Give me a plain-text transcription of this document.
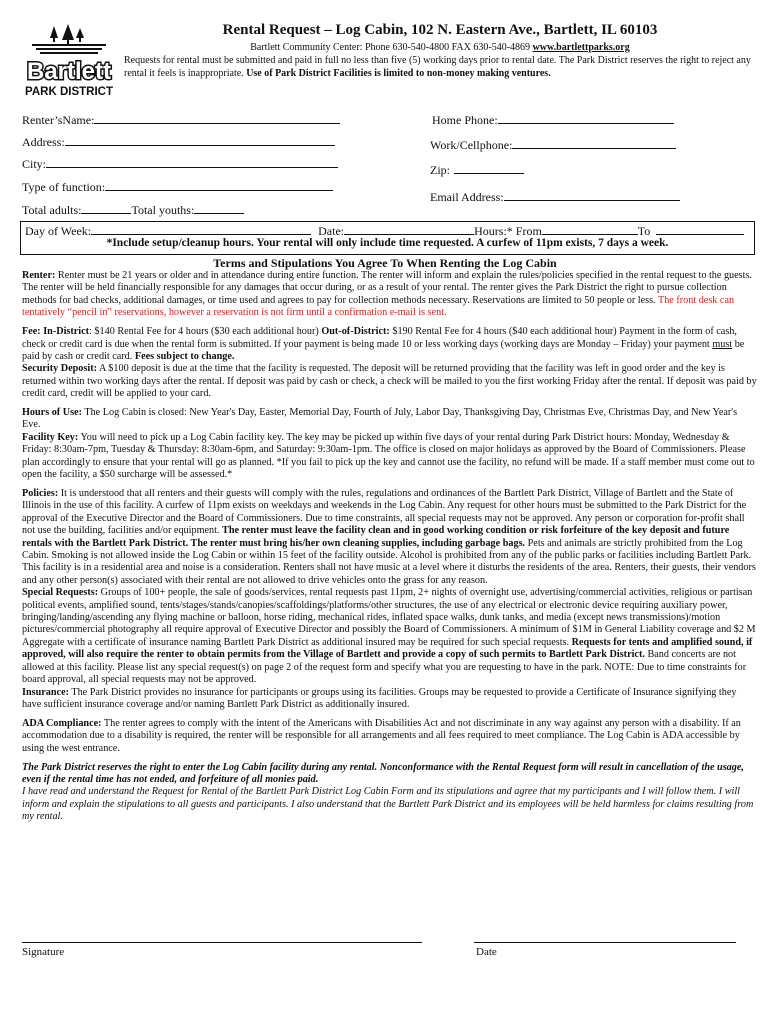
Bartlett
PARK DISTRICT
Rental Request – Log Cabin, 102 N. Eastern Ave., Bartlett, IL 60103
Bartlett Community Center: Phone 630-540-4800 FAX 630-540-4869 www.bartlettparks.org
Requests for rental must be submitted and paid in full no less than five (5) working days prior to rental date. The Park District reserves the right to reject any rental it feels is inappropriate. Use of Park District Facilities is limited to non-money making ventures.
Renter’sName:	Home Phone:
Address:	Work/Cellphone:
City:	Zip:
Type of function:
Email Address:
Total adults:	Total youths:
Day of Week:	Date:	Hours:* From	To
*Include setup/cleanup hours. Your rental will only include time requested. A curfew of 11pm exists, 7 days a week.
Terms and Stipulations You Agree To When Renting the Log Cabin

Renter: Renter must be 21 years or older and in attendance during entire function. The renter will inform and explain the rules/policies specified in the rental request to the guests. The renter will be held financially responsible for any damages that occur during, or as a result of your rental. The renter gives the Park District the right to pursue collection methods for bad checks, additional damages, or time used and agrees to pay for collection methods necessary. Reservations are limited to 50 people or less. The front desk can tentatively “pencil in” reservations, however a reservation is not firm until a confirmation e-mail is sent.

Fee: In-District: $140 Rental Fee for 4 hours ($30 each additional hour) Out-of-District: $190 Rental Fee for 4 hours ($40 each additional hour) Payment in the form of cash, check or credit card is due when the rental form is submitted. If your payment is being made 10 or less working days (working days are Monday – Friday) your payment must be paid by cash or credit card. Fees subject to change.

Security Deposit: A $100 deposit is due at the time that the facility is requested. The deposit will be returned providing that the facility was left in good order and the key is returned within two working days after the rental. If deposit was paid by cash or check, a check will be mailed to you the first working Friday after the rental. If deposit was paid by credit card, credit will be applied to your card.

Hours of Use: The Log Cabin is closed: New Year's Day, Easter, Memorial Day, Fourth of July, Labor Day, Thanksgiving Day, Christmas Eve, Christmas Day, and New Year's Eve.

Facility Key: You will need to pick up a Log Cabin facility key. The key may be picked up within five days of your rental during Park District hours: Monday, Wednesday & Friday: 8:30am-7pm, Tuesday & Thursday: 8:30am-6pm, and Saturday: 9:30am-1pm. The office is closed on major holidays as approved by the Board of Commissioners. Please plan accordingly to ensure that your rental will go as planned. *If you fail to pick up the key and cannot use the facility, no refund will be made. If a staff member must come out to open the facility, a $50 surcharge will be assessed.*

Policies: It is understood that all renters and their guests will comply with the rules, regulations and ordinances of the Bartlett Park District, Village of Bartlett and the State of Illinois in the use of this facility. A curfew of 11pm exists on weekdays and weekends in the Log Cabin. Any request for other hours must be submitted to the Park District for the approval of the Executive Director and the Board of Commissioners. Due to time constraints, all special requests may not be approved. Any person or corporation for-profit shall not use the building, facilities and/or equipment. The renter must leave the facility clean and in good working condition or risk forfeiture of the key deposit and future rentals with the Bartlett Park District. The renter must bring his/her own cleaning supplies, including garbage bags. Pets and animals are strictly prohibited from the Log Cabin. Smoking is not allowed inside the Log Cabin or within 15 feet of the facility outside. Alcohol is prohibited from any of the public parks or facilities including Bartlett Park. This facility is in a residential area and noise is a consideration. Renters shall not have music at a level where it disturbs the residents of the area. Renters, their guests, their vendors and any other person(s) associated with their rental are not allowed to drive vehicles onto the grass for any reason.

Special Requests: Groups of 100+ people, the sale of goods/services, rental requests past 11pm, 2+ nights of overnight use, advertising/commercial activities, religious or partisan political events, amplified sound, tents/stages/stands/canopies/scaffoldings/platforms/other structures, the use of any electrical or electronic device requiring auxiliary power, bringing/landing/ascending any flying machine or balloon, horse riding, mechanical rides, inflated space walks, dunk tanks, and media (except news transmissions)/motion pictures/commercial photography all require approval of Executive Director and possibly the Board of Commissioners. A minimum of $1M in General Liability coverage and $2 M Aggregate with a certificate of insurance naming Bartlett Park District as additional insured may be required for such special requests. Requests for tents and amplified sound, if approved, will also require the renter to obtain permits from the Village of Bartlett and provide a copy of such permits to Bartlett Park District. Band concerts are not allowed at this facility. Please list any special request(s) on page 2 of the request form and specify what you are requesting to have in the park. NOTE: Due to time constraints for board approval, all special requests may not be approved.

Insurance: The Park District provides no insurance for participants or groups using its facilities. Groups may be requested to provide a Certificate of Insurance signifying they have sufficient insurance coverage and/or naming Bartlett Park District as additionally insured.

ADA Compliance: The renter agrees to comply with the intent of the Americans with Disabilities Act and not discriminate in any way against any person with a disability. If an accommodation due to a disability is required, the renter will be responsible for all arrangements and all fees required to meet compliance. The Log Cabin is ADA accessible by using the west entrance.

The Park District reserves the right to enter the Log Cabin facility during any rental. Nonconformance with the Rental Request form will result in cancellation of the usage, even if the rental time has not ended, and forfeiture of all monies paid.

I have read and understand the Request for Rental of the Bartlett Park District Log Cabin Form and its stipulations and agree that my participants and I will follow them. I will inform and explain the stipulations to all guests and participants. I also understand that the Bartlett Park District and its employees will be held harmless for claims resulting from my rental.

Signature	Date
